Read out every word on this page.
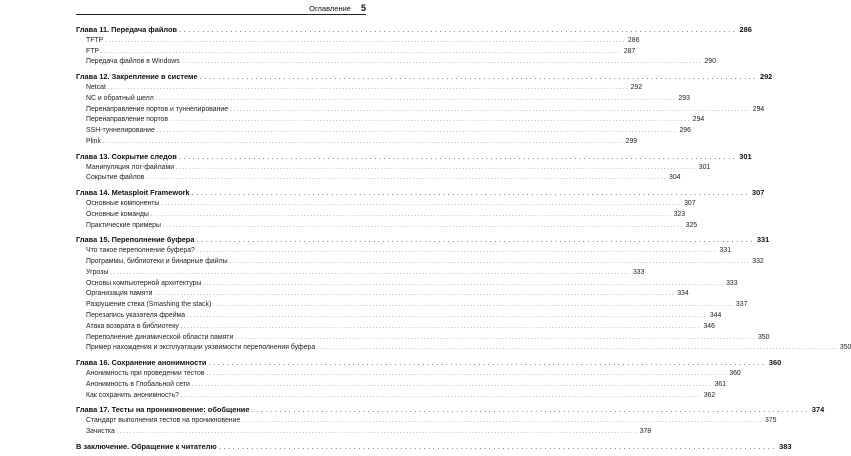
Оглавление 5
Глава 11. Передача файлов ........................................................................................................................ 286
TFTP ................................................................................................................................................................ 286
FTP ................................................................................................................................................................ 287
Передача файлов в Windows ................................................................................................................................................................ 290
Глава 12. Закрепление в системе ........................................................................................................................ 292
Netcat ................................................................................................................................................................ 292
NC и обратный шелл ................................................................................................................................................................ 293
Перенаправление портов и туннелирование ................................................................................................................................................................ 294
Перенаправление портов ................................................................................................................................................................ 294
SSH-туннелирование ................................................................................................................................................................ 296
Plink ................................................................................................................................................................ 299
Глава 13. Сокрытие следов ........................................................................................................................ 301
Манипуляция лог-файлами ................................................................................................................................................................ 301
Сокрытие файлов ................................................................................................................................................................ 304
Глава 14. Metasploit Framework ........................................................................................................................ 307
Основные компоненты ................................................................................................................................................................ 307
Основные команды ................................................................................................................................................................ 323
Практические примеры ................................................................................................................................................................ 325
Глава 15. Переполнение буфера ........................................................................................................................ 331
Что такое переполнение буфера? ................................................................................................................................................................ 331
Программы, библиотеки и бинарные файлы ................................................................................................................................................................ 332
Угрозы ................................................................................................................................................................ 333
Основы компьютерной архитектуры ................................................................................................................................................................ 333
Организация памяти ................................................................................................................................................................ 334
Разрушение стека (Smashing the stack) ................................................................................................................................................................ 337
Перезапись указателя фрейма ................................................................................................................................................................ 344
Атака возврата в библиотеку ................................................................................................................................................................ 346
Переполнение динамической области памяти ................................................................................................................................................................ 350
Пример нахождения и эксплуатации уязвимости переполнения буфера ................................................................................................................................................................ 350
Глава 16. Сохранение анонимности ........................................................................................................................ 360
Анонимность при проведении тестов ................................................................................................................................................................ 360
Анонимность в Глобальной сети ................................................................................................................................................................ 361
Как сохранить анонимность? ................................................................................................................................................................ 362
Глава 17. Тесты на проникновение: обобщение ........................................................................................................................ 374
Стандарт выполнения тестов на проникновение ................................................................................................................................................................ 375
Зачистка ................................................................................................................................................................ 378
В заключение. Обращение к читателю ........................................................................................................................ 383
